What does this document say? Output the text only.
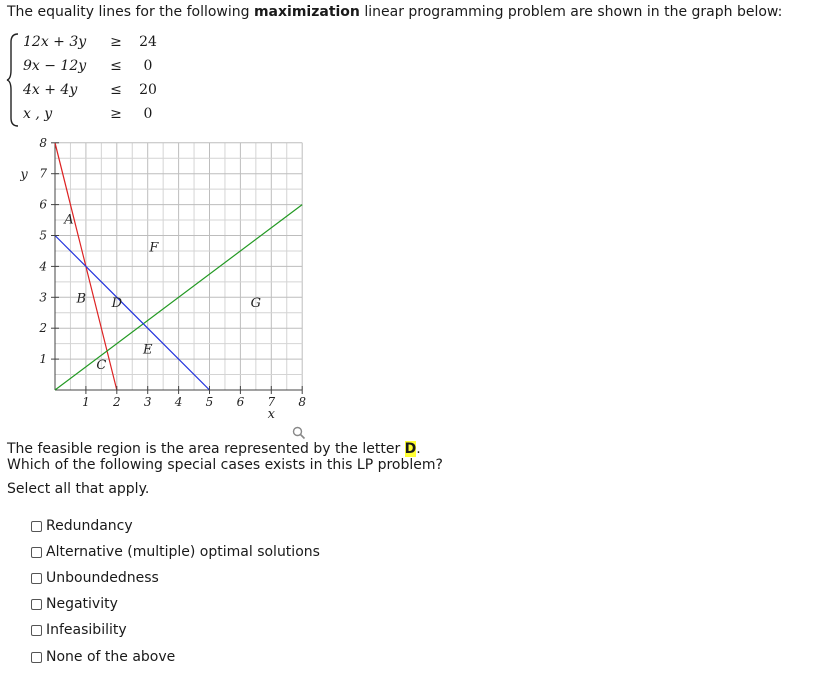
The equality lines for the following maximization linear programming problem are shown in the graph below:
12x + 3y	≥	24
9x − 12y	≤	0
4x + 4y	≤	20
x , y	≥	0
A
B
C
D
E
F
G
1 2 3 4 5 6 7 8
1
2
3
4
5
6
7
8
x
y
The feasible region is the area represented by the letter D.
Which of the following special cases exists in this LP problem?
Select all that apply.
Redundancy
Alternative (multiple) optimal solutions
Unboundedness
Negativity
Infeasibility
None of the above
